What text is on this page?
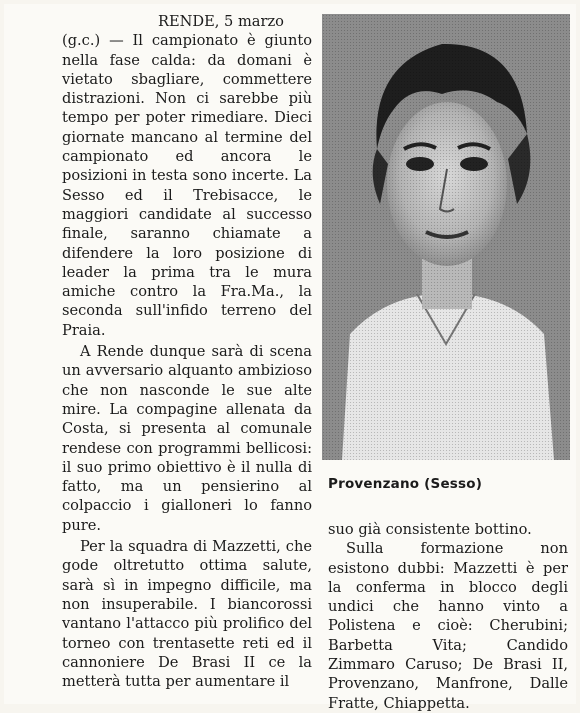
RENDE, 5 marzo
(g.c.) — Il campionato è giunto nella fase calda: da domani è vietato sbagliare, commettere distrazioni. Non ci sarebbe più tempo per poter rimediare. Dieci giornate mancano al termine del campionato ed ancora le posizioni in testa sono incerte. La Sesso ed il Trebisacce, le maggiori candidate al successo finale, saranno chiamate a difendere la loro posizione di leader la prima tra le mura amiche contro la Fra.Ma., la seconda sull'infido terreno del Praia.

A Rende dunque sarà di scena un avversario alquanto ambizioso che non nasconde le sue alte mire. La compagine allenata da Costa, si presenta al comunale rendese con programmi bellicosi: il suo primo obiettivo è il nulla di fatto, ma un pensierino al colpaccio i gialloneri lo fanno pure.

Per la squadra di Mazzetti, che gode oltretutto ottima salute, sarà sì in impegno difficile, ma non insuperabile. I biancorossi vantano l'attacco più prolifico del torneo con trentasette reti ed il cannoniere De Brasi II ce la metterà tutta per aumentare il

Provenzano (Sesso)

suo già consistente bottino.

Sulla formazione non esistono dubbi: Mazzetti è per la conferma in blocco degli undici che hanno vinto a Polistena e cioè: Cherubini; Barbetta Vita; Candido Zimmaro Caruso; De Brasi II, Provenzano, Manfrone, Dalle Fratte, Chiappetta.
